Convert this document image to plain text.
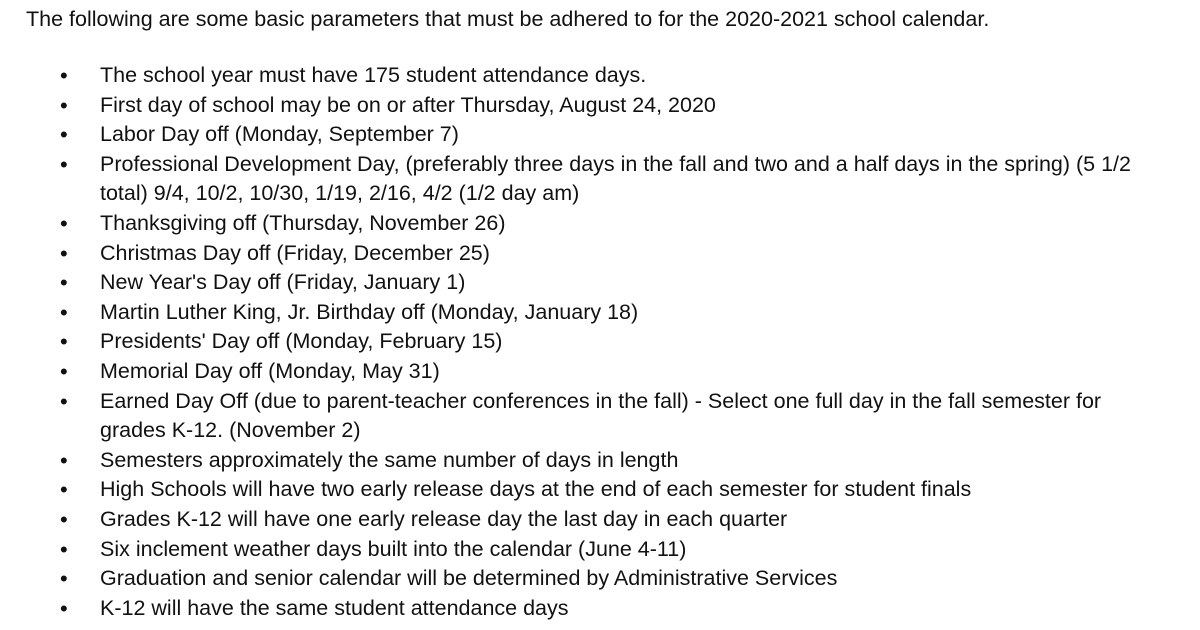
The following are some basic parameters that must be adhered to for the 2020-2021 school calendar.

• The school year must have 175 student attendance days.
• First day of school may be on or after Thursday, August 24, 2020
• Labor Day off (Monday, September 7)
• Professional Development Day, (preferably three days in the fall and two and a half days in the spring) (5 1/2 total) 9/4, 10/2, 10/30, 1/19, 2/16, 4/2 (1/2 day am)
• Thanksgiving off (Thursday, November 26)
• Christmas Day off (Friday, December 25)
• New Year's Day off (Friday, January 1)
• Martin Luther King, Jr. Birthday off (Monday, January 18)
• Presidents' Day off (Monday, February 15)
• Memorial Day off (Monday, May 31)
• Earned Day Off (due to parent-teacher conferences in the fall) - Select one full day in the fall semester for grades K-12. (November 2)
• Semesters approximately the same number of days in length
• High Schools will have two early release days at the end of each semester for student finals
• Grades K-12 will have one early release day the last day in each quarter
• Six inclement weather days built into the calendar (June 4-11)
• Graduation and senior calendar will be determined by Administrative Services
• K-12 will have the same student attendance days
